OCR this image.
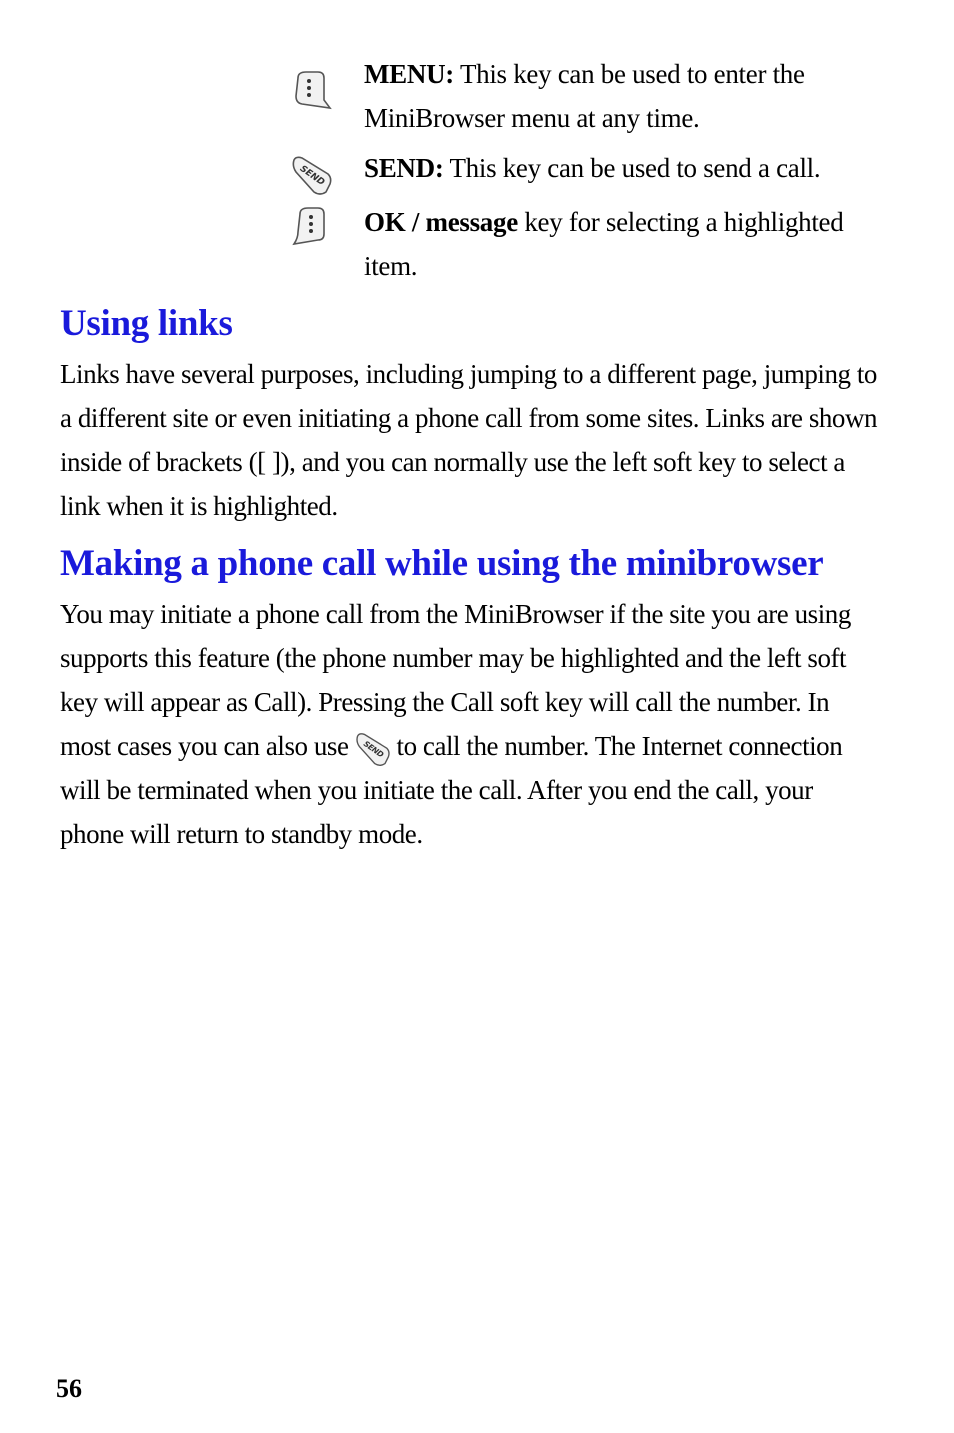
MENU: This key can be used to enter the MiniBrowser menu at any time.
SEND SEND: This key can be used to send a call.
OK / message key for selecting a highlighted item.
Using links

Links have several purposes, including jumping to a different page, jumping to a different site or even initiating a phone call from some sites. Links are shown inside of brackets ([ ]), and you can normally use the left soft key to select a link when it is highlighted.

Making a phone call while using the minibrowser

You may initiate a phone call from the MiniBrowser if the site you are using supports this feature (the phone number may be highlighted and the left soft key will appear as Call). Pressing the Call soft key will call the number. In most cases you can also use SEND to call the number. The Internet connection will be terminated when you initiate the call. After you end the call, your phone will return to standby mode.

56
